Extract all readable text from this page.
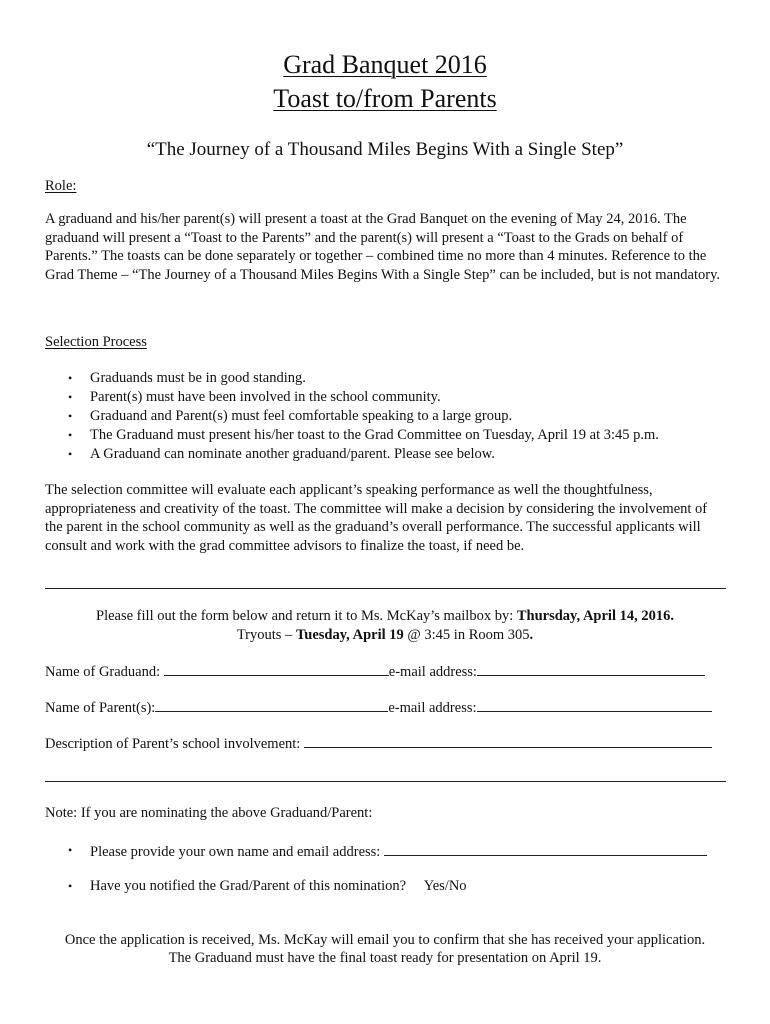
Grad Banquet 2016
Toast to/from Parents
“The Journey of a Thousand Miles Begins With a Single Step”
Role:

A graduand and his/her parent(s) will present a toast at the Grad Banquet on the evening of May 24, 2016. The graduand will present a “Toast to the Parents” and the parent(s) will present a “Toast to the Grads on behalf of Parents.” The toasts can be done separately or together – combined time no more than 4 minutes. Reference to the Grad Theme – “The Journey of a Thousand Miles Begins With a Single Step” can be included, but is not mandatory.

Selection Process
• Graduands must be in good standing.
• Parent(s) must have been involved in the school community.
• Graduand and Parent(s) must feel comfortable speaking to a large group.
• The Graduand must present his/her toast to the Grad Committee on Tuesday, April 19 at 3:45 p.m.
• A Graduand can nominate another graduand/parent. Please see below.

The selection committee will evaluate each applicant’s speaking performance as well the thoughtfulness, appropriateness and creativity of the toast. The committee will make a decision by considering the involvement of the parent in the school community as well as the graduand’s overall performance. The successful applicants will consult and work with the grad committee advisors to finalize the toast, if need be.

Please fill out the form below and return it to Ms. McKay’s mailbox by: Thursday, April 14, 2016.
Tryouts – Tuesday, April 19 @ 3:45 in Room 305.
Name of Graduand:	e-mail address:
Name of Parent(s):	e-mail address:
Description of Parent’s school involvement:
Note: If you are nominating the above Graduand/Parent:
• Please provide your own name and email address:
• Have you notified the Grad/Parent of this nomination?     Yes/No
Once the application is received, Ms. McKay will email you to confirm that she has received your application.
The Graduand must have the final toast ready for presentation on April 19.
